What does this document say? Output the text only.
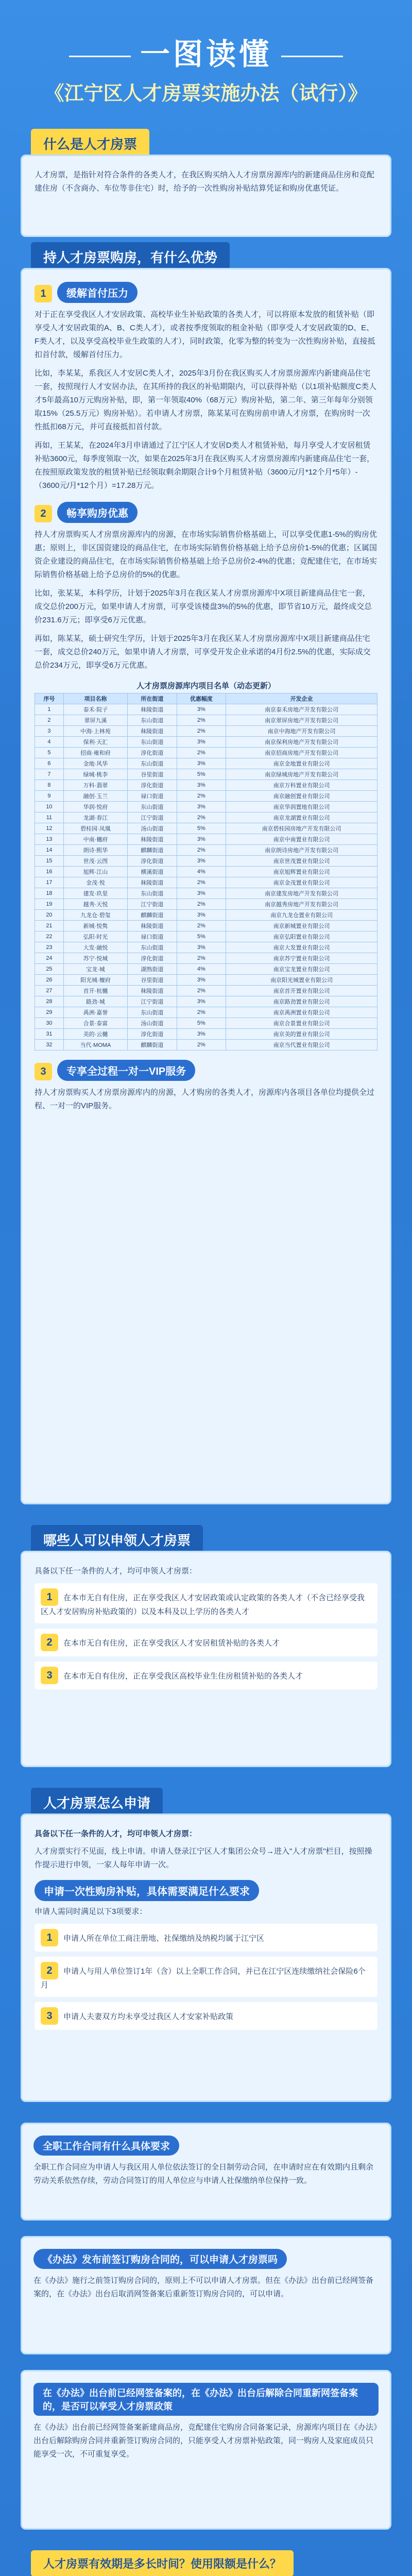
一图读懂
《江宁区人才房票实施办法（试行）》
什么是人才房票
人才房票，是指针对符合条件的各类人才，在我区购买纳入人才房票房源库内的新建商品住房和竞配建住房（不含商办、车位等非住宅）时，给予的一次性购房补贴结算凭证和购房优惠凭证。
持人才房票购房，有什么优势
1 缓解首付压力
对于正在享受我区人才安居政策、高校毕业生补贴政策的各类人才，可以将原本发放的租赁补贴（即享受人才安居政策的A、B、C类人才），或者按季度领取的租金补贴（即享受人才安居政策的D、E、F类人才，以及享受高校毕业生政策的人才），同时政策，化零为整的转变为一次性购房补贴，直接抵扣首付款，缓解首付压力。
比如，李某某，系我区人才安居C类人才，2025年3月份在我区购买人才房票房源库内新建商品住宅一套，按照现行人才安居办法，在其所持的我区的补贴期限内，可以获得补贴（以1项补贴额度C类人才5年最高10万元购房补贴，即，第一年领取40%（68万元）购房补贴，第二年、第三年每年分别领取15%（25.5万元）购房补贴）。若申请人才房票，陈某某可在购房前申请人才房票，在购房时一次性抵扣68万元，并可直接抵扣首付款。
再如，王某某，在2024年3月申请通过了江宁区人才安居D类人才租赁补贴，每月享受人才安居租赁补贴3600元，每季度领取一次，如果在2025年3月在我区购买人才房票房源库内新建商品住宅一套，在按照原政策发放的租赁补贴已经领取剩余期限合计9个月租赁补贴（3600元/月*12个月*5年）-（3600元/月*12个月）=17.28万元。
2 畅享购房优惠
持人才房票购买人才房票房源库内的房源，在市场实际销售价格基础上，可以享受优惠1-5%的购房优惠；原则上，非区国资建设的商品住宅，在市场实际销售价格基础上给予总房价1-5%的优惠；区属国资企业建设的商品住宅，在市场实际销售价格基础上给予总房价2-4%的优惠；竞配建住宅，在市场实际销售价格基础上给予总房价的5%的优惠。
比如，张某某，本科学历，计划于2025年3月在我区某人才房票房源库中X项目新建商品住宅一套，成交总价200万元，如果申请人才房票，可享受该楼盘3%的5%的优惠，即节省10万元，最终成交总价231.6万元；即享受6万元优惠。
再如，陈某某，硕士研究生学历，计划于2025年3月在我区某人才房票房源库中X项目新建商品住宅一套，成交总价240万元，如果申请人才房票，可享受开发企业承诺的4月份2.5%的优惠，实际成交总价234万元，即享受6万元优惠。
人才房票房源库内项目名单（动态更新）
序号	项目名称	所在街道	优惠幅度	开发企业
1	泰禾·院子	秣陵街道	3%	南京泰禾房地产开发有限公司
2	翠屏九溪	东山街道	2%	南京翠屏房地产开发有限公司
3	中海·上林苑	秣陵街道	2%	南京中海地产开发有限公司
4	保利·天汇	东山街道	3%	南京保利房地产开发有限公司
5	招商·雍和府	淳化街道	2%	南京招商房地产开发有限公司
6	金地·风华	东山街道	3%	南京金地置业有限公司
7	绿城·桃李	谷里街道	5%	南京绿城房地产开发有限公司
8	万科·翡翠	淳化街道	3%	南京万科置业有限公司
9	融创·玉兰	禄口街道	2%	南京融创置业有限公司
10	华润·悦府	东山街道	3%	南京华润置地有限公司
11	龙湖·春江	江宁街道	2%	南京龙湖置业有限公司
12	碧桂园·凤凰	汤山街道	5%	南京碧桂园房地产开发有限公司
13	中南·樾府	秣陵街道	3%	南京中南置业有限公司
14	朗诗·熙华	麒麟街道	2%	南京朗诗房地产开发有限公司
15	世茂·云图	淳化街道	3%	南京世茂置业有限公司
16	旭辉·江山	横溪街道	4%	南京旭辉置业有限公司
17	金茂·悦	秣陵街道	2%	南京金茂置业有限公司
18	建发·玖里	东山街道	3%	南京建发房地产开发有限公司
19	越秀·天悦	江宁街道	2%	南京越秀房地产开发有限公司
20	九龙仓·碧玺	麒麟街道	3%	南京九龙仓置业有限公司
21	新城·悦隽	秣陵街道	2%	南京新城置业有限公司
22	弘阳·时光	禄口街道	5%	南京弘阳置业有限公司
23	大发·融悦	东山街道	3%	南京大发置业有限公司
24	苏宁·悦城	淳化街道	2%	南京苏宁置业有限公司
25	宝龙·城	湖熟街道	4%	南京宝龙置业有限公司
26	阳光城·檀府	谷里街道	3%	南京阳光城置业有限公司
27	首开·杭樾	秣陵街道	2%	南京首开置业有限公司
28	路劲·城	江宁街道	3%	南京路劲置业有限公司
29	禹洲·嘉誉	东山街道	2%	南京禹洲置业有限公司
30	合景·泰富	汤山街道	5%	南京合景置业有限公司
31	美的·云樾	淳化街道	3%	南京美的置业有限公司
32	当代·MOMA	麒麟街道	2%	南京当代置业有限公司
3 专享全过程一对一VIP服务
持人才房票购买人才房票房源库内的房源，人才购房的各类人才，房源库内各项目各单位均提供全过程、一对一的VIP服务。
哪些人可以申领人才房票
具备以下任一条件的人才，均可申领人才房票：
1 在本市无自有住房，正在享受我区人才安居政策或认定政策的各类人才（不含已经享受我区人才安居购房补贴政策的）以及本科及以上学历的各类人才
2 在本市无自有住房，正在享受我区人才安居租赁补贴的各类人才
3 在本市无自有住房，正在享受我区高校毕业生住房租赁补贴的各类人才
人才房票怎么申请
具备以下任一条件的人才，均可申领人才房票：
人才房票实行不见面，线上申请。申请人登录江宁区人才集团公众号→进入"人才房票"栏目，按照操作提示进行申领，一家人每年申请一次。
申请一次性购房补贴，具体需要满足什么要求
申请人需同时满足以下3项要求：
1 申请人所在单位工商注册地、社保缴纳及纳税均属于江宁区
2 申请人与用人单位签订1年（含）以上全职工作合同，并已在江宁区连续缴纳社会保险6个月
3 申请人夫妻双方均未享受过我区人才安家补贴政策
全职工作合同有什么具体要求
全职工作合同应为申请人与我区用人单位依法签订的全日制劳动合同，在申请时应在有效期内且剩余劳动关系依然存续，劳动合同签订的用人单位应与申请人社保缴纳单位保持一致。
《办法》发布前签订购房合同的，可以申请人才房票吗
在《办法》施行之前签订购房合同的，原则上不可以申请人才房票。但在《办法》出台前已经网签备案的，在《办法》出台后取消网签备案后重新签订购房合同的，可以申请。
在《办法》出台前已经网签备案的，在《办法》出台后解除合同重新网签备案的，是否可以享受人才房票政策
在《办法》出台前已经网签备案新建商品房，竞配建住宅购房合同备案记录，房源库内项目在《办法》出台后解除购房合同并重新签订购房合同的，只能享受人才房票补贴政策，同一购房人及家庭成员只能享受一次，不可重复享受。
人才房票有效期是多长时间？使用限额是什么？
